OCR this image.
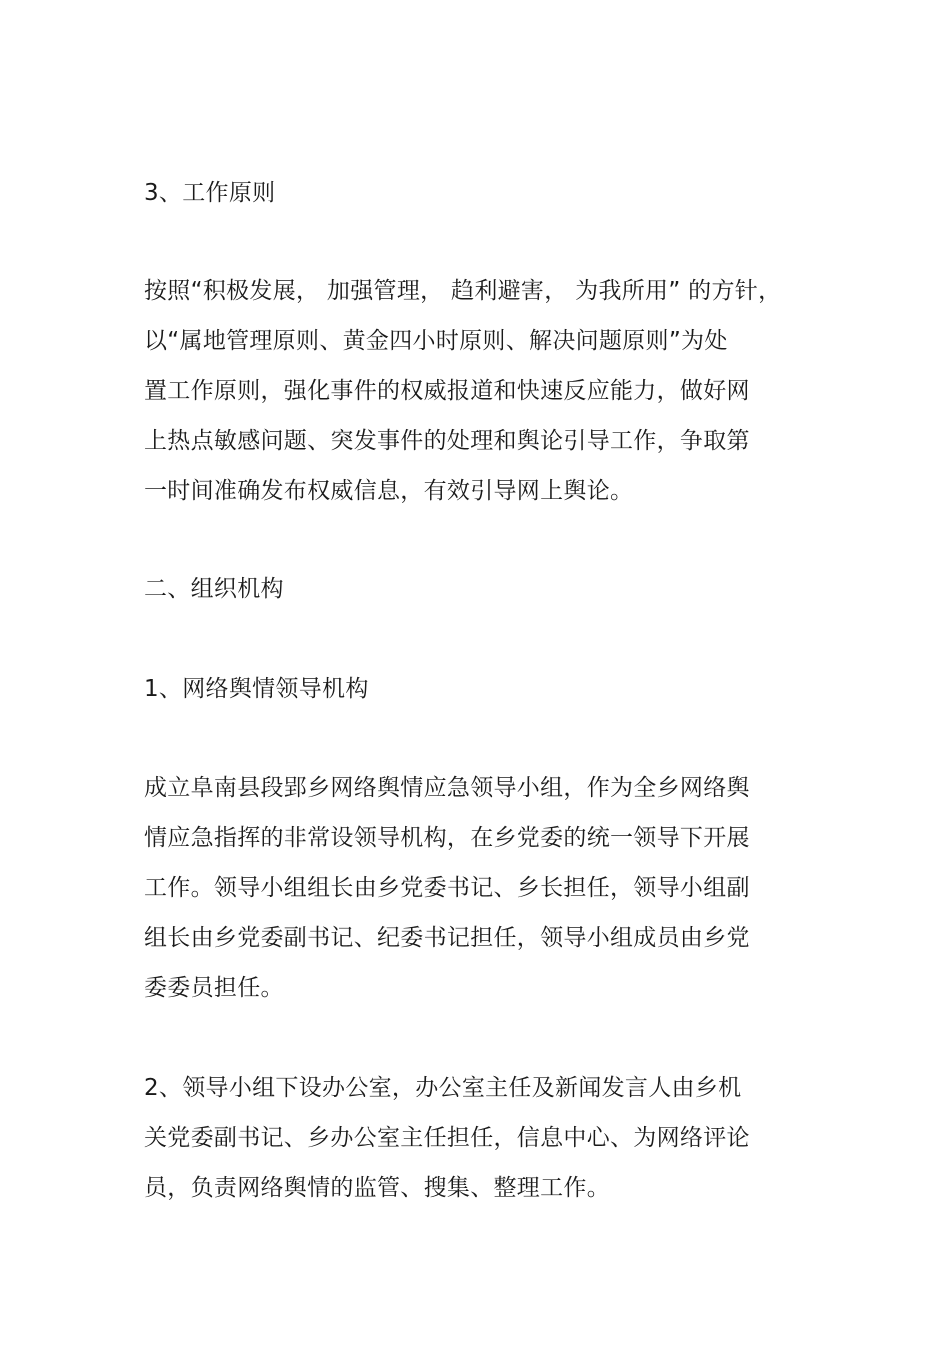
3、工作原则
按照“积极发展， 加强管理， 趋利避害， 为我所用” 的方针，
以“属地管理原则、黄金四小时原则、解决问题原则”为处
置工作原则，强化事件的权威报道和快速反应能力，做好网
上热点敏感问题、突发事件的处理和舆论引导工作，争取第
一时间准确发布权威信息，有效引导网上舆论。
二、组织机构
1、网络舆情领导机构
成立阜南县段郢乡网络舆情应急领导小组，作为全乡网络舆
情应急指挥的非常设领导机构，在乡党委的统一领导下开展
工作。领导小组组长由乡党委书记、乡长担任，领导小组副
组长由乡党委副书记、纪委书记担任，领导小组成员由乡党
委委员担任。
2、领导小组下设办公室，办公室主任及新闻发言人由乡机
关党委副书记、乡办公室主任担任，信息中心、为网络评论
员，负责网络舆情的监管、搜集、整理工作。
